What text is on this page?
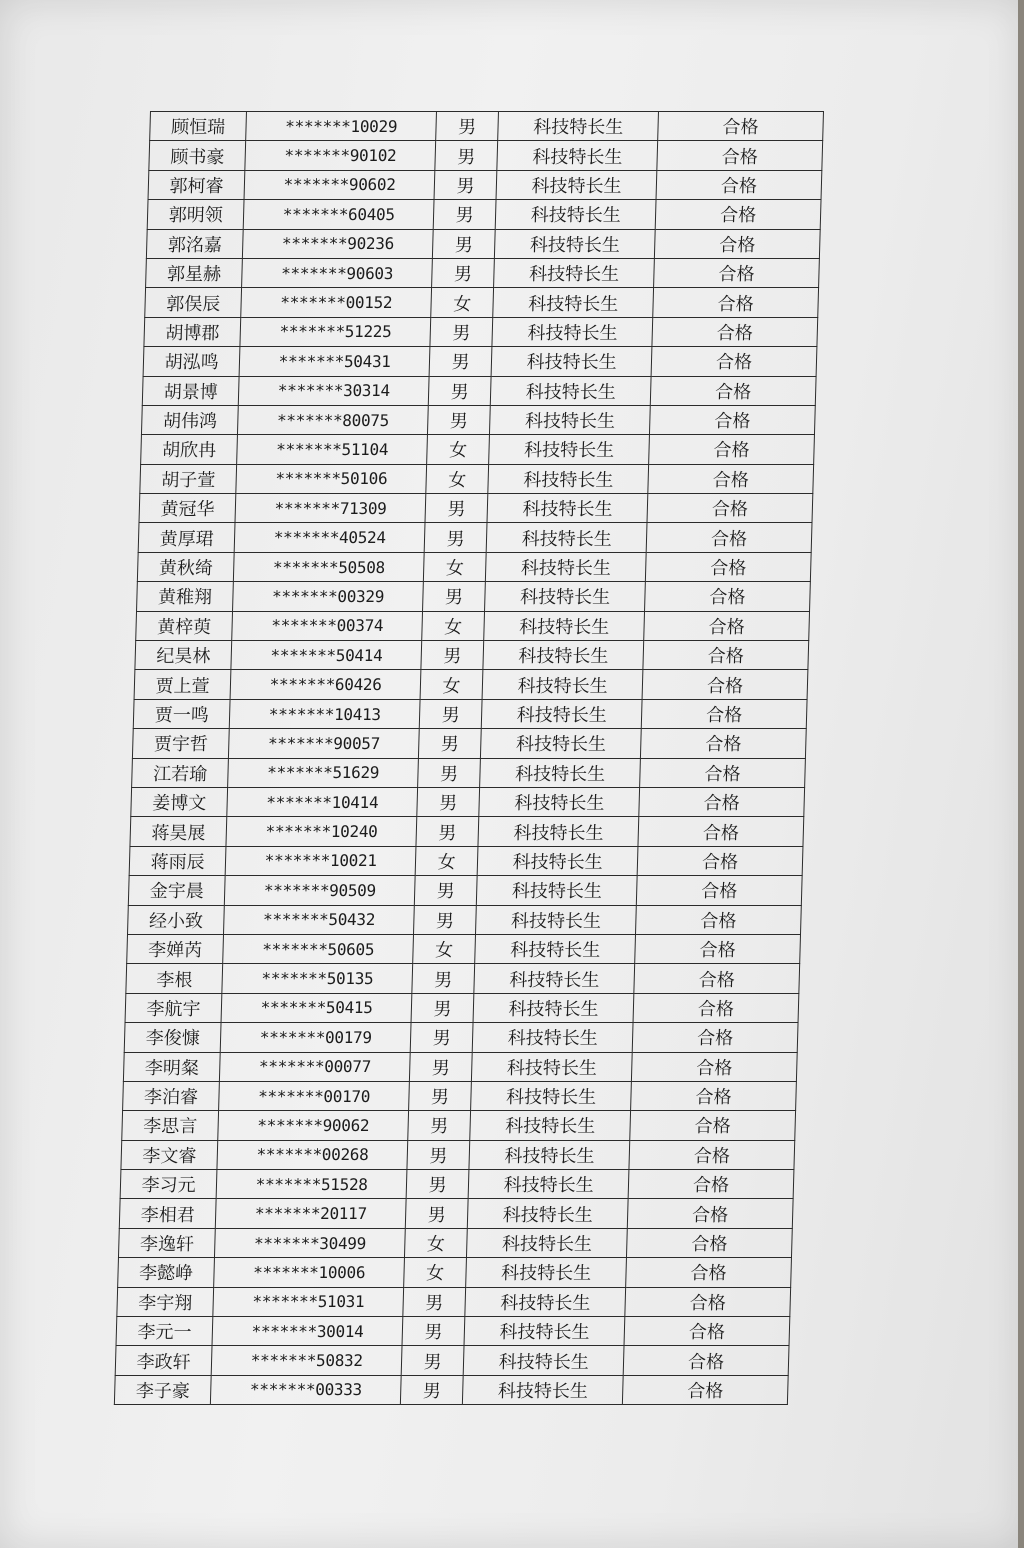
顾恒瑞	*******10029	男	科技特长生	合格
顾书豪	*******90102	男	科技特长生	合格
郭柯睿	*******90602	男	科技特长生	合格
郭明领	*******60405	男	科技特长生	合格
郭洺嘉	*******90236	男	科技特长生	合格
郭星赫	*******90603	男	科技特长生	合格
郭俣辰	*******00152	女	科技特长生	合格
胡博郡	*******51225	男	科技特长生	合格
胡泓鸣	*******50431	男	科技特长生	合格
胡景博	*******30314	男	科技特长生	合格
胡伟鸿	*******80075	男	科技特长生	合格
胡欣冉	*******51104	女	科技特长生	合格
胡子萱	*******50106	女	科技特长生	合格
黄冠华	*******71309	男	科技特长生	合格
黄厚珺	*******40524	男	科技特长生	合格
黄秋绮	*******50508	女	科技特长生	合格
黄稚翔	*******00329	男	科技特长生	合格
黄梓萸	*******00374	女	科技特长生	合格
纪昊林	*******50414	男	科技特长生	合格
贾上萱	*******60426	女	科技特长生	合格
贾一鸣	*******10413	男	科技特长生	合格
贾宇哲	*******90057	男	科技特长生	合格
江若瑜	*******51629	男	科技特长生	合格
姜博文	*******10414	男	科技特长生	合格
蒋昊展	*******10240	男	科技特长生	合格
蒋雨辰	*******10021	女	科技特长生	合格
金宇晨	*******90509	男	科技特长生	合格
经小致	*******50432	男	科技特长生	合格
李婵芮	*******50605	女	科技特长生	合格
李根	*******50135	男	科技特长生	合格
李航宇	*******50415	男	科技特长生	合格
李俊慷	*******00179	男	科技特长生	合格
李明粲	*******00077	男	科技特长生	合格
李泊睿	*******00170	男	科技特长生	合格
李思言	*******90062	男	科技特长生	合格
李文睿	*******00268	男	科技特长生	合格
李习元	*******51528	男	科技特长生	合格
李相君	*******20117	男	科技特长生	合格
李逸轩	*******30499	女	科技特长生	合格
李懿峥	*******10006	女	科技特长生	合格
李宇翔	*******51031	男	科技特长生	合格
李元一	*******30014	男	科技特长生	合格
李政轩	*******50832	男	科技特长生	合格
李子豪	*******00333	男	科技特长生	合格
